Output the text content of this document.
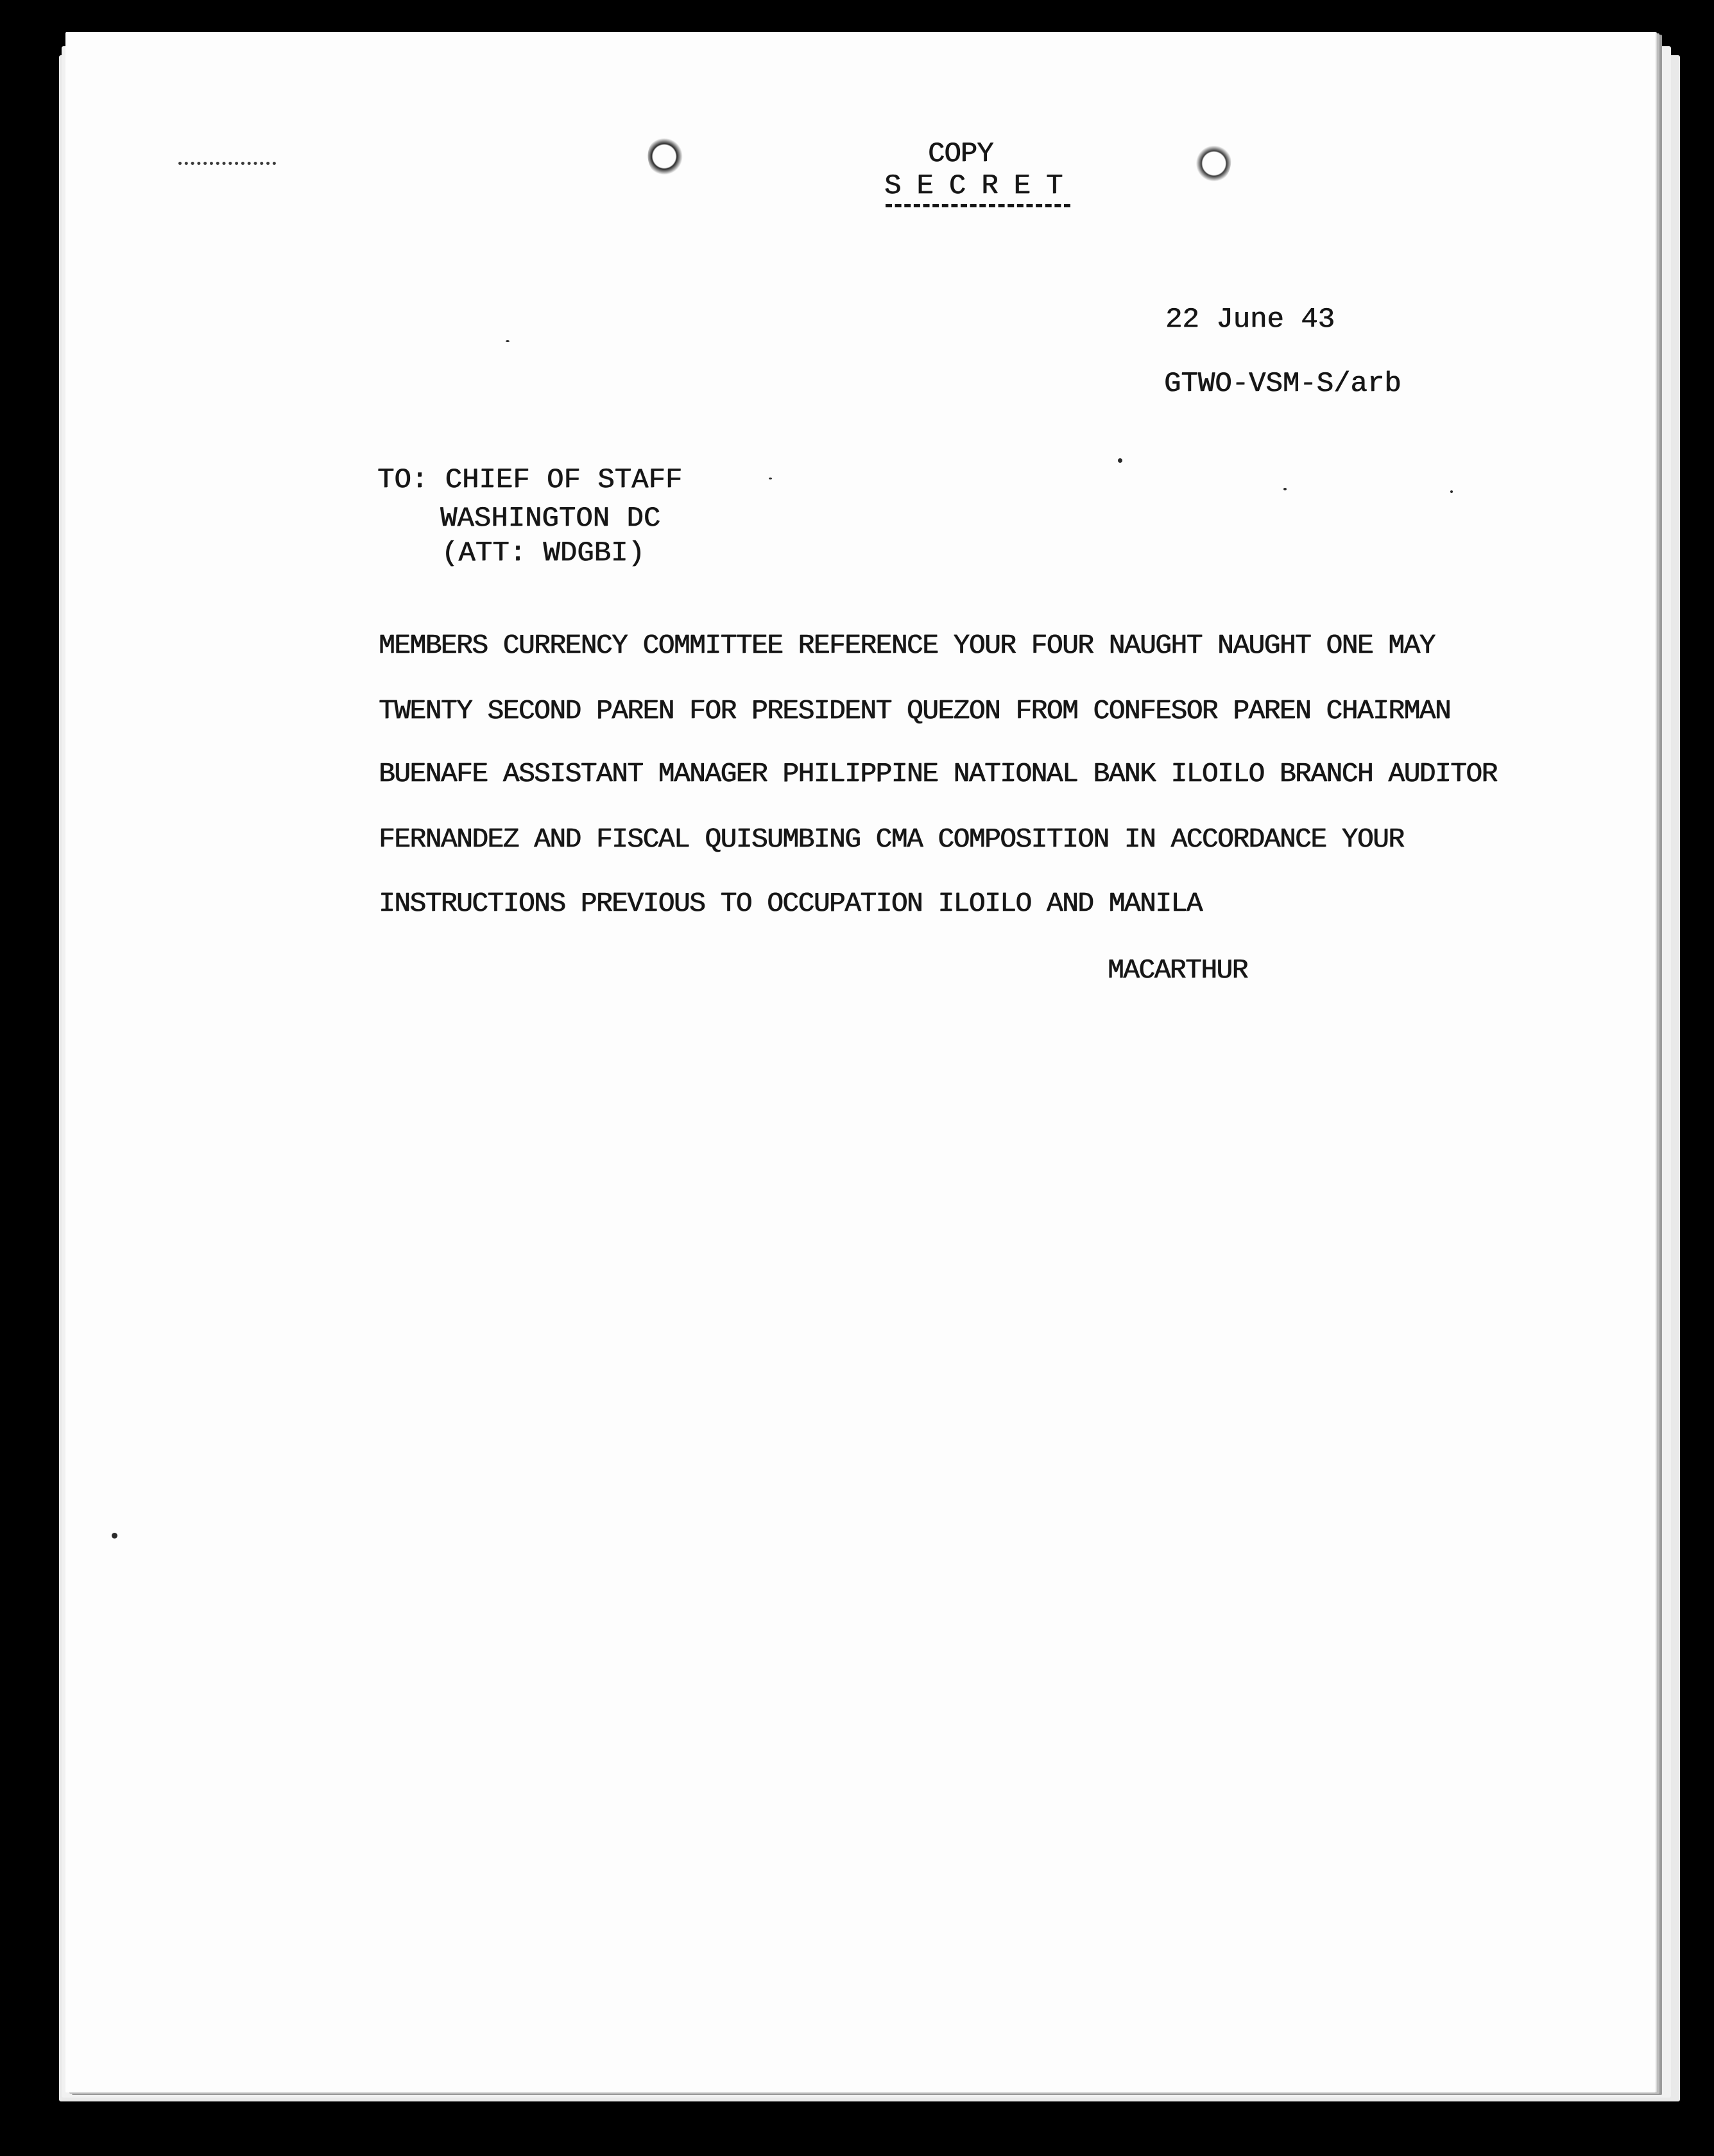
COPY

SECRET

22 June 43

GTWO-VSM-S/arb

TO: CHIEF OF STAFF

WASHINGTON DC

(ATT: WDGBI)

MEMBERS CURRENCY COMMITTEE REFERENCE YOUR FOUR NAUGHT NAUGHT ONE MAY

TWENTY SECOND PAREN FOR PRESIDENT QUEZON FROM CONFESOR PAREN CHAIRMAN

BUENAFE ASSISTANT MANAGER PHILIPPINE NATIONAL BANK ILOILO BRANCH AUDITOR

FERNANDEZ AND FISCAL QUISUMBING CMA COMPOSITION IN ACCORDANCE YOUR

INSTRUCTIONS PREVIOUS TO OCCUPATION ILOILO AND MANILA

MACARTHUR
